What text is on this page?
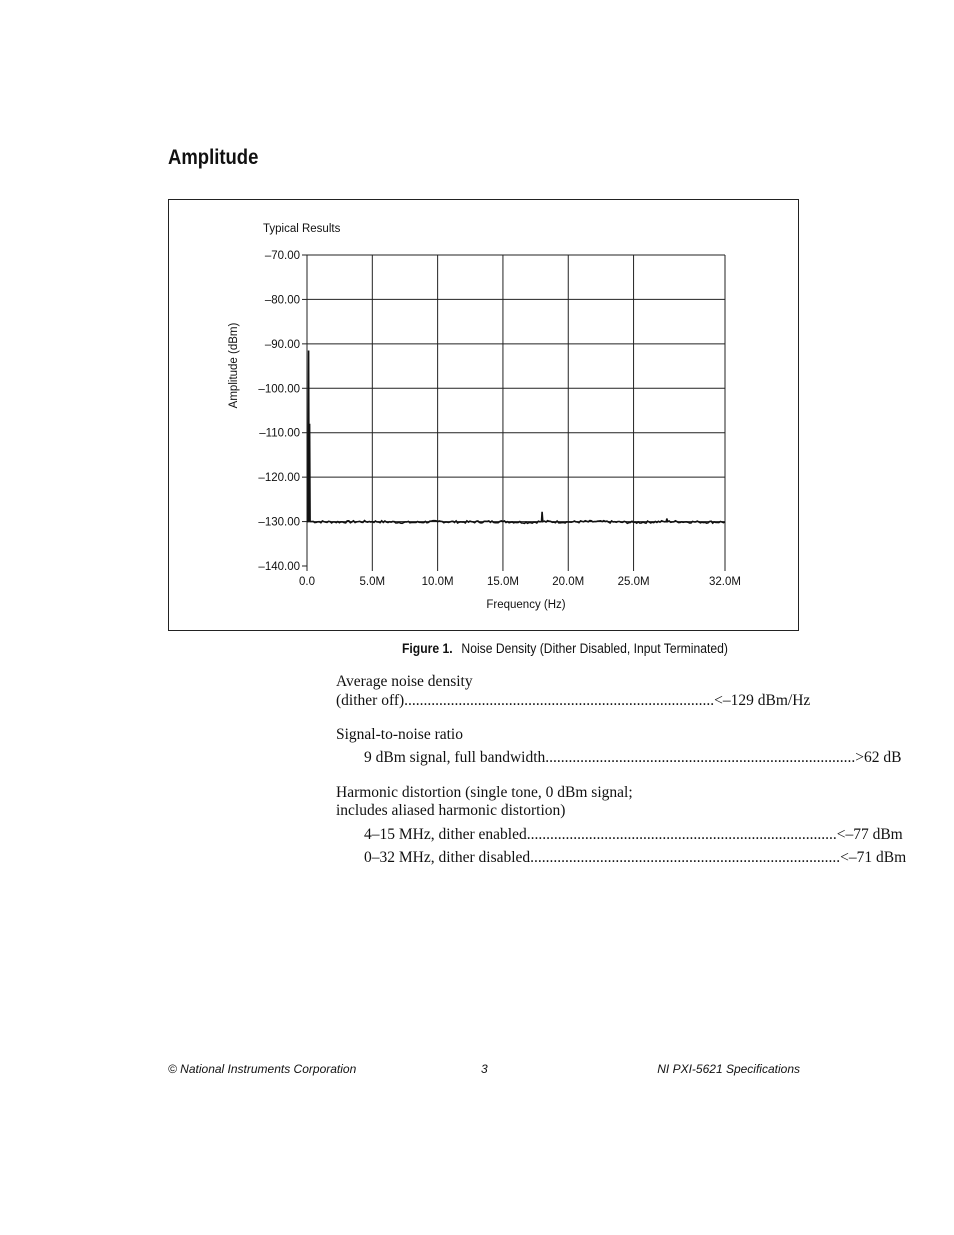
Amplitude
Typical Results
–70.00
–80.00
–90.00
–100.00
–110.00
–120.00
–130.00
–140.00
0.0	5.0M	10.0M	15.0M	20.0M	25.0M	32.0M
Frequency (Hz)
Amplitude (dBm)
Figure 1. Noise Density (Dither Disabled, Input Terminated)
Average noise density
(dither off) ................................................................................ <–129 dBm/Hz
Signal-to-noise ratio
9 dBm signal, full bandwidth ................................................................................ >62 dB
Harmonic distortion (single tone, 0 dBm signal;
includes aliased harmonic distortion)
4–15 MHz, dither enabled ................................................................................ <–77 dBm
0–32 MHz, dither disabled ................................................................................ <–71 dBm
© National Instruments Corporation	3	NI PXI-5621 Specifications
